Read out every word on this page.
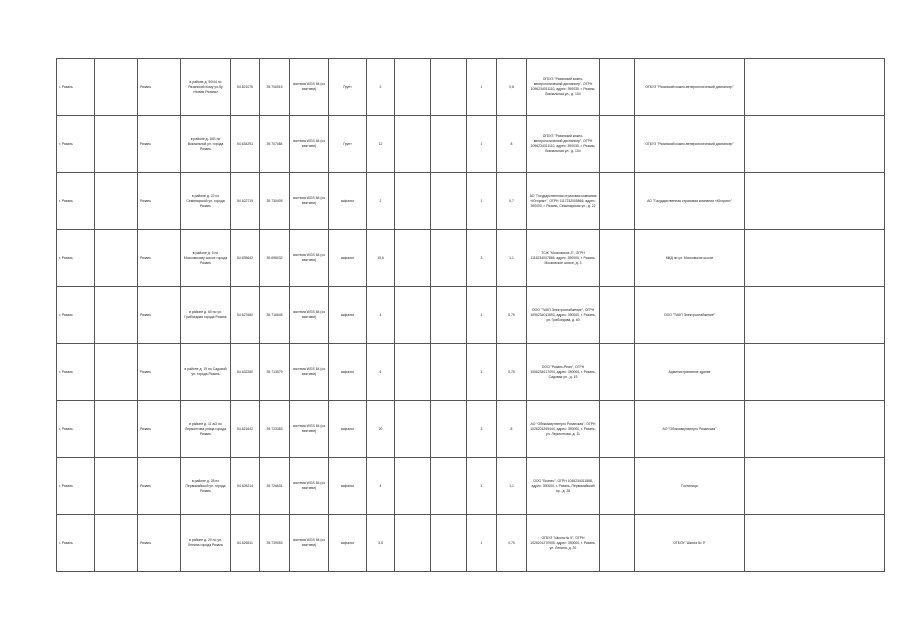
г. Рязань		Рязань	в районе д. 90/44 по Рязанской Кому ул-Ку «Новая Рязань»	54.621076	39.706915	система WGS 84 (со взятием)	Грунт	2			1	0,8	ОГБУЗ "Рязанский кожно-венерологический диспансер", ОГРН 1096234011110, адрес: 390035, г. Рязань, Вокзальная ул., д. 104		ОГБУЗ "Рязанский кожно-венерологический диспансер"	
г. Рязань		Рязань	в районе д. 1КБ по Вокзальной ул. города Рязань	54.634291	39.707084	система WGS 84 (со взятием)	Грунт	12			1	8	ОГБУЗ "Рязанский кожно-венерологический диспансер", ОГРН 1096234011110, адрес: 390035, г. Рязань, Вокзальная ул., д. 104		ОГБУЗ "Рязанский кожно-венерологический диспансер"	
г. Рязань		Рязань	в районе д. 22 по Семинарской ул. города Рязань	54.622719	39.730405	система WGS 84 (со взятием)	асфальт	2			1	0,7	АО "Государственная страховая компания «Югория»", ОГРН 1117232005866, адрес: 390000, г. Рязань, Семинарская ул., д. 22		АО "Государственная страховая компания «Югория»"	
г. Рязань		Рязань	в районе д. 3 по Московскому шоссе города Рязань	54.635642	39.698032	система WGS 84 (со взятием)	асфальт	15,6			3	1,1	ТСЖ "Московское-3", ОГРН 1116234007866, адрес: 390000, г. Рязань, Московское шоссе, д. 3		МКД по ул. Московское шоссе	
г. Рязань		Рязань	в районе д. 60 по ул. Грибоедова города Рязань	54.627682	39.716645	система WGS 84 (со взятием)	асфальт	4			1	0,75	ООО "ТАКП Электроснабжение", ОГРН 1096234011893, адрес: 390000, г. Рязань, ул. Грибоедова, д. 60		ООО "ТАКП Электроснабжение"	
г. Рязань		Рязань	в районе д. 19 по Садовой ул. города Рязань	54.632280	39.713579	система WGS 84 (со взятием)	асфальт	6			1	0,75	ООО "Рязань-Реал", ОГРН 1056234017094, адрес: 390000, г. Рязань, Садовая ул., д. 19		Административное здание	
г. Рязань		Рязань	в районе д. 11 а/2 по Лермонтова улица города Рязань	54.621642	39.723363	система WGS 84 (со взятием)	асфальт	20			3	8	АО "Облкоммунэнерго Рязанская", ОГРН 1026201269444, адрес: 390000, г. Рязань, ул. Лермонтова, д. 11		АО "Облкоммунэнерго Рязанская"	
г. Рязань		Рязань	в районе д. 28 по Первомайской ул. города Рязань	54.628214	39.726631	система WGS 84 (со взятием)	асфальт	4			1	1,1	ООО "Бизнес", ОГРН 1046234011868, адрес: 390000, г. Рязань, Первомайский пр., д. 28		Гостиница	
г. Рязань		Рязань	в районе д. 20 по ул. Ленина города Рязань	54.626511	39.739053	система WGS 84 (со взятием)	асфальт	3,5			1	0,75	ОГБУЗ "Школа № 9", ОГРН 1026201270905, адрес: 390000, г. Рязань, ул. Ленина, д. 20		ОГБОУ "Школа № 9"	
